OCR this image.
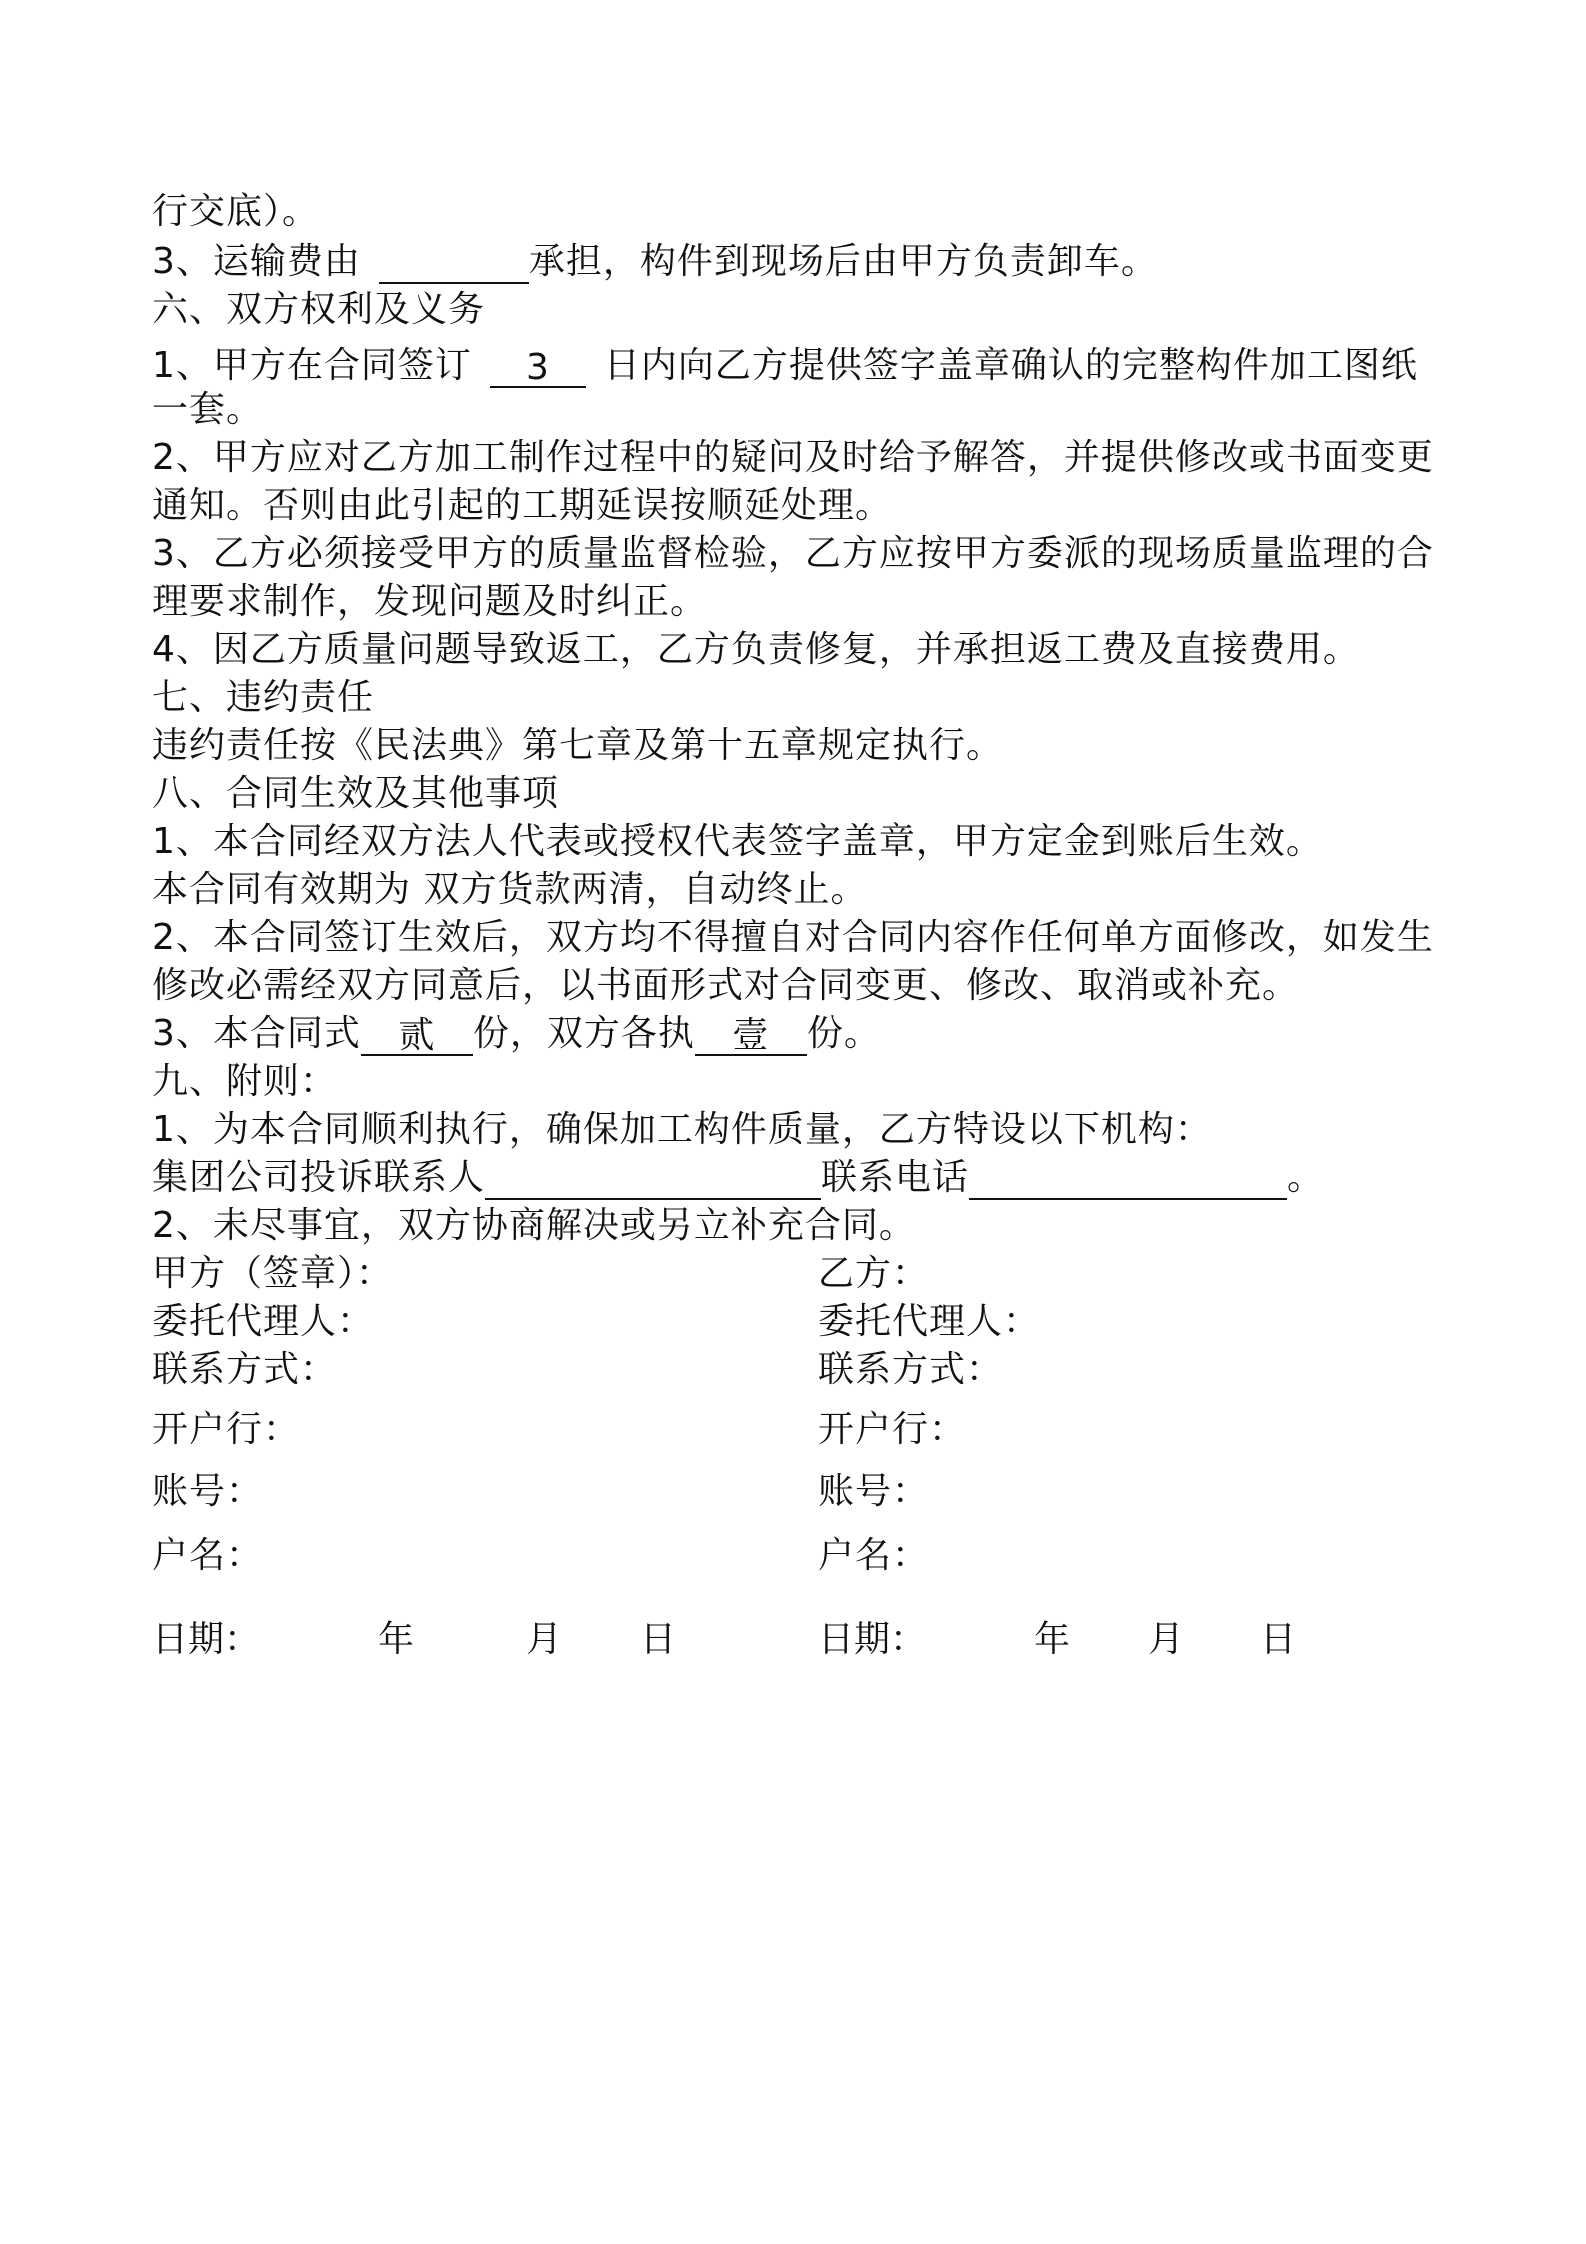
行交底）。
3、运输费由	承担，构件到现场后由甲方负责卸车。
六、双方权利及义务
1、甲方在合同签订 3 日内向乙方提供签字盖章确认的完整构件加工图纸
一套。
2、甲方应对乙方加工制作过程中的疑问及时给予解答，并提供修改或书面变更
通知。否则由此引起的工期延误按顺延处理。
3、乙方必须接受甲方的质量监督检验，乙方应按甲方委派的现场质量监理的合
理要求制作，发现问题及时纠正。
4、因乙方质量问题导致返工，乙方负责修复，并承担返工费及直接费用。
七、违约责任
违约责任按《民法典》第七章及第十五章规定执行。
八、合同生效及其他事项
1、本合同经双方法人代表或授权代表签字盖章，甲方定金到账后生效。
本合同有效期为 双方货款两清，自动终止。
2、本合同签订生效后，双方均不得擅自对合同内容作任何单方面修改，如发生
修改必需经双方同意后，以书面形式对合同变更、修改、取消或补充。
3、本合同式 贰 份，双方各执 壹 份。
九、附则：
1、为本合同顺利执行，确保加工构件质量，乙方特设以下机构：
集团公司投诉联系人	联系电话	。
2、未尽事宜，双方协商解决或另立补充合同。
甲方（签章）：	乙方：
委托代理人：	委托代理人：
联系方式：	联系方式：
开户行：	开户行：
账号：	账号：
户名：	户名：
日期：	年	月 日	日期：	年 月 日
